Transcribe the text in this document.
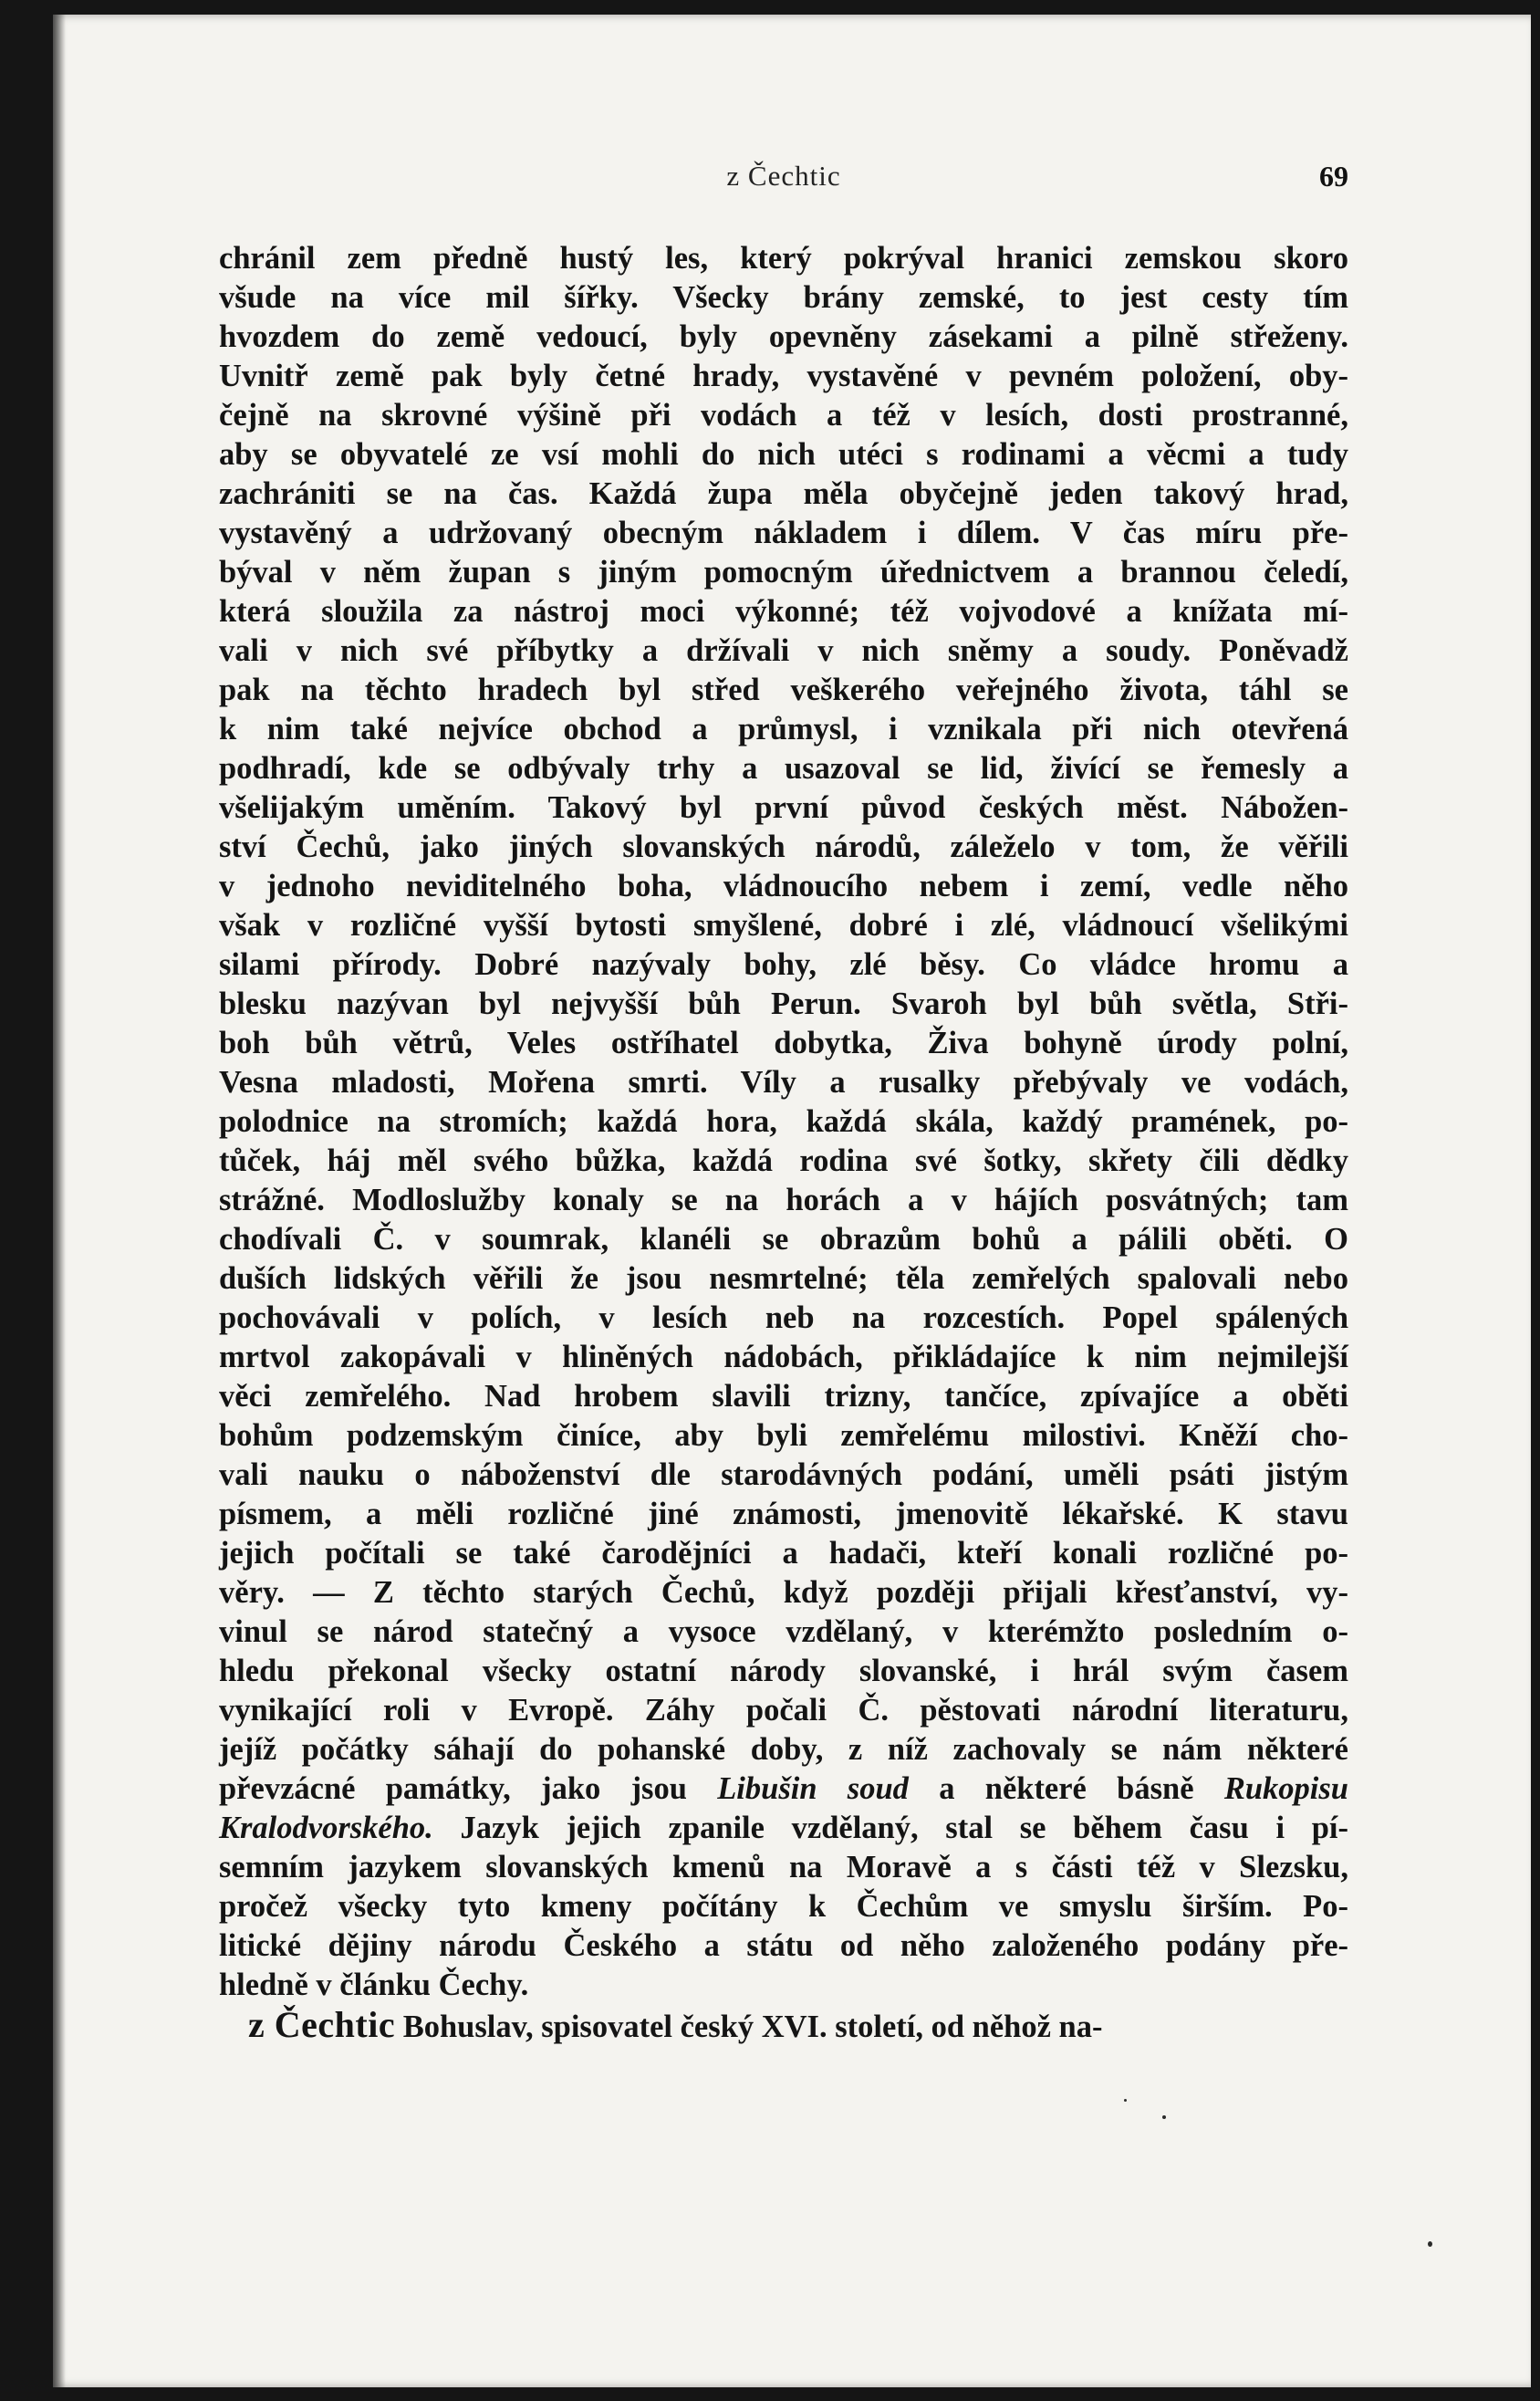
z Čechtic	69
chránil zem předně hustý les, který pokrýval hranici zemskou skoro
všude na více mil šířky. Všecky brány zemské, to jest cesty tím
hvozdem do země vedoucí, byly opevněny zásekami a pilně střeženy.
Uvnitř země pak byly četné hrady, vystavěné v pevném položení, oby-
čejně na skrovné výšině při vodách a též v lesích, dosti prostranné,
aby se obyvatelé ze vsí mohli do nich utéci s rodinami a věcmi a tudy
zachrániti se na čas. Každá župa měla obyčejně jeden takový hrad,
vystavěný a udržovaný obecným nákladem i dílem. V čas míru pře-
býval v něm župan s jiným pomocným úřednictvem a brannou čeledí,
která sloužila za nástroj moci výkonné; též vojvodové a knížata mí-
vali v nich své příbytky a držívali v nich sněmy a soudy. Poněvadž
pak na těchto hradech byl střed veškerého veřejného života, táhl se
k nim také nejvíce obchod a průmysl, i vznikala při nich otevřená
podhradí, kde se odbývaly trhy a usazoval se lid, živící se řemesly a
všelijakým uměním. Takový byl první původ českých měst. Nábožen-
ství Čechů, jako jiných slovanských národů, záleželo v tom, že věřili
v jednoho neviditelného boha, vládnoucího nebem i zemí, vedle něho
však v rozličné vyšší bytosti smyšlené, dobré i zlé, vládnoucí všelikými
silami přírody. Dobré nazývaly bohy, zlé běsy. Co vládce hromu a
blesku nazývan byl nejvyšší bůh Perun. Svaroh byl bůh světla, Stři-
boh bůh větrů, Veles ostříhatel dobytka, Živa bohyně úrody polní,
Vesna mladosti, Mořena smrti. Víly a rusalky přebývaly ve vodách,
polodnice na stromích; každá hora, každá skála, každý pramének, po-
tůček, háj měl svého bůžka, každá rodina své šotky, skřety čili dědky
strážné. Modloslužby konaly se na horách a v hájích posvátných; tam
chodívali Č. v soumrak, klanéli se obrazům bohů a pálili oběti. O
duších lidských věřili že jsou nesmrtelné; těla zemřelých spalovali nebo
pochovávali v polích, v lesích neb na rozcestích. Popel spálených
mrtvol zakopávali v hliněných nádobách, přikládajíce k nim nejmilejší
věci zemřelého. Nad hrobem slavili trizny, tančíce, zpívajíce a oběti
bohům podzemským činíce, aby byli zemřelému milostivi. Kněží cho-
vali nauku o náboženství dle starodávných podání, uměli psáti jistým
písmem, a měli rozličné jiné známosti, jmenovitě lékařské. K stavu
jejich počítali se také čarodějníci a hadači, kteří konali rozličné po-
věry. — Z těchto starých Čechů, když později přijali křesťanství, vy-
vinul se národ statečný a vysoce vzdělaný, v kterémžto posledním o-
hledu překonal všecky ostatní národy slovanské, i hrál svým časem
vynikající roli v Evropě. Záhy počali Č. pěstovati národní literaturu,
jejíž počátky sáhají do pohanské doby, z níž zachovaly se nám některé
převzácné památky, jako jsou Libušin soud a některé básně Rukopisu
Kralodvorského. Jazyk jejich zpanile vzdělaný, stal se během času i pí-
semním jazykem slovanských kmenů na Moravě a s části též v Slezsku,
pročež všecky tyto kmeny počítány k Čechům ve smyslu širším. Po-
litické dějiny národu Českého a státu od něho založeného podány pře-
hledně v článku Čechy.
z Čechtic Bohuslav, spisovatel český XVI. století, od něhož na-
